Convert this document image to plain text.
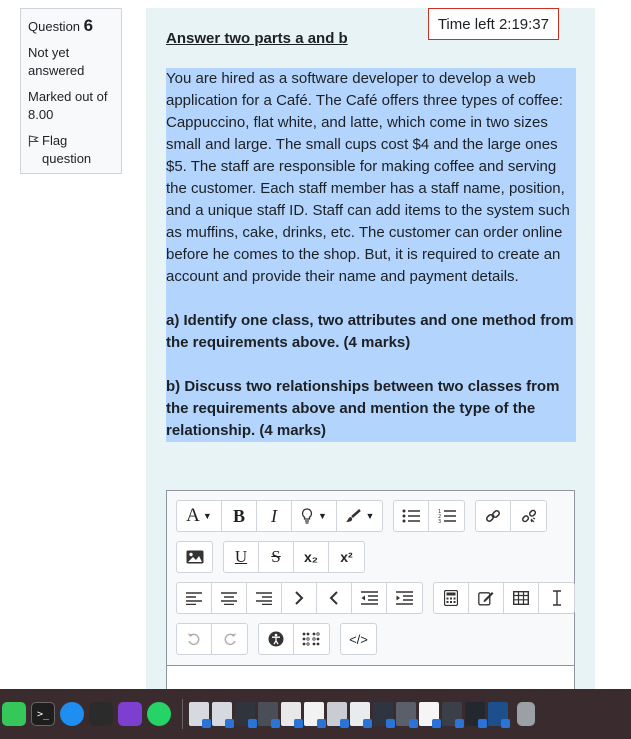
Question 6
Not yet answered
Marked out of 8.00
Flag question
Time left 2:19:37
Answer two parts a and b
You are hired as a software developer to develop a web application for a Café. The Café offers three types of coffee: Cappuccino, flat white, and latte, which come in two sizes small and large. The small cups cost $4 and the large ones $5. The staff are responsible for making coffee and serving the customer. Each staff member has a staff name, position, and a unique staff ID. Staff can add items to the system such as muffins, cake, drinks, etc. The customer can order online before he comes to the shop. But, it is required to create an account and provide their name and payment details.
a) Identify one class, two attributes and one method from the requirements above. (4 marks)
b) Discuss two relationships between two classes from the requirements above and mention the type of the relationship. (4 marks)
A ▼ B I	▼	▼	1
2
3
U S x₂ x²
</>
>_
